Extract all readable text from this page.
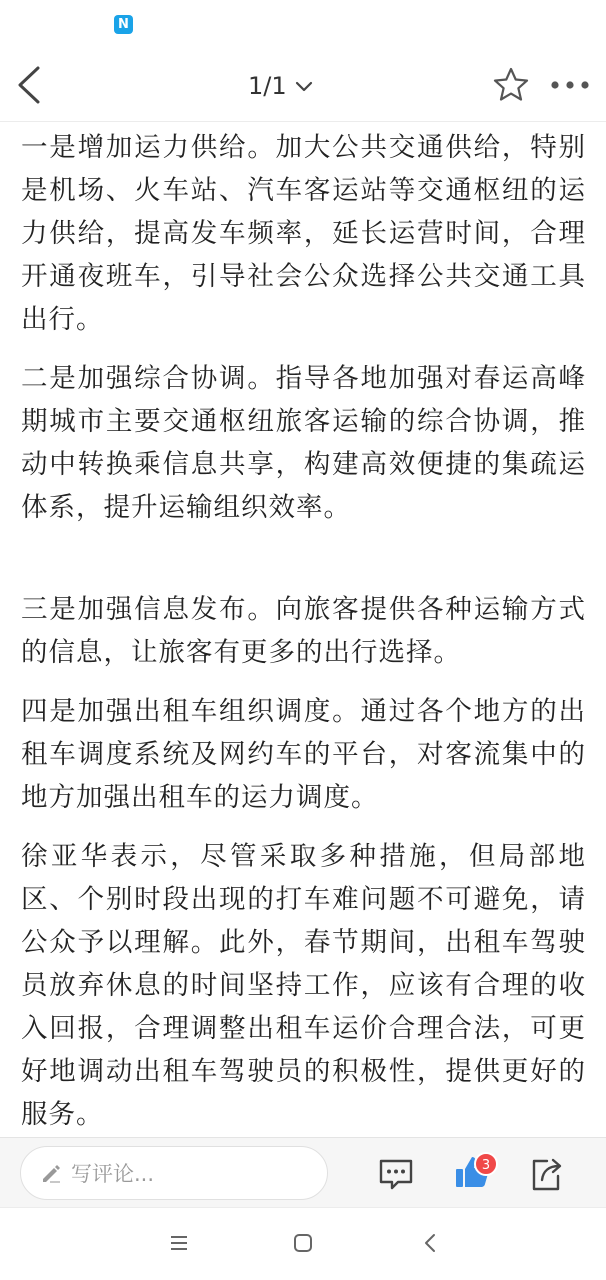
N
1/1

一是增加运力供给。加大公共交通供给，特别是机场、火车站、汽车客运站等交通枢纽的运力供给，提高发车频率，延长运营时间，合理开通夜班车，引导社会公众选择公共交通工具出行。

二是加强综合协调。指导各地加强对春运高峰期城市主要交通枢纽旅客运输的综合协调，推动中转换乘信息共享，构建高效便捷的集疏运体系，提升运输组织效率。

三是加强信息发布。向旅客提供各种运输方式的信息，让旅客有更多的出行选择。

四是加强出租车组织调度。通过各个地方的出租车调度系统及网约车的平台，对客流集中的地方加强出租车的运力调度。

徐亚华表示，尽管采取多种措施，但局部地区、个别时段出现的打车难问题不可避免，请公众予以理解。此外，春节期间，出租车驾驶员放弃休息的时间坚持工作，应该有合理的收入回报，合理调整出租车运价合理合法，可更好地调动出租车驾驶员的积极性，提供更好的服务。

写评论...	3
